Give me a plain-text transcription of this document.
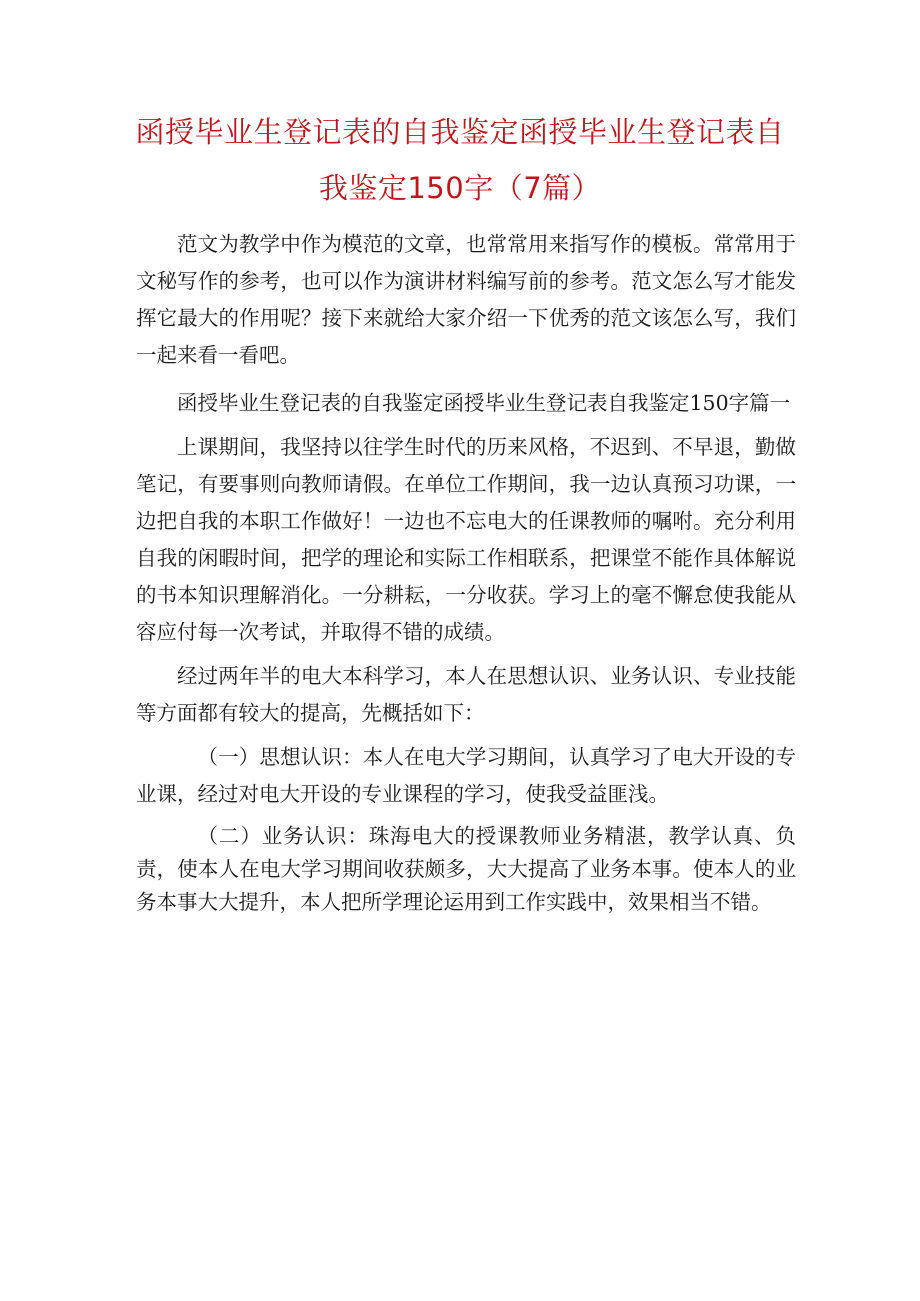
函授毕业生登记表的自我鉴定函授毕业生登记表自我鉴定150字（7篇）

范文为教学中作为模范的文章，也常常用来指写作的模板。常常用于文秘写作的参考，也可以作为演讲材料编写前的参考。范文怎么写才能发挥它最大的作用呢？接下来就给大家介绍一下优秀的范文该怎么写，我们一起来看一看吧。

函授毕业生登记表的自我鉴定函授毕业生登记表自我鉴定150字篇一

上课期间，我坚持以往学生时代的历来风格，不迟到、不早退，勤做笔记，有要事则向教师请假。在单位工作期间，我一边认真预习功课，一边把自我的本职工作做好！一边也不忘电大的任课教师的嘱咐。充分利用自我的闲暇时间，把学的理论和实际工作相联系，把课堂不能作具体解说的书本知识理解消化。一分耕耘，一分收获。学习上的毫不懈怠使我能从容应付每一次考试，并取得不错的成绩。

经过两年半的电大本科学习，本人在思想认识、业务认识、专业技能等方面都有较大的提高，先概括如下：

（一）思想认识：本人在电大学习期间，认真学习了电大开设的专业课，经过对电大开设的专业课程的学习，使我受益匪浅。

（二）业务认识：珠海电大的授课教师业务精湛，教学认真、负责，使本人在电大学习期间收获颇多，大大提高了业务本事。使本人的业务本事大大提升，本人把所学理论运用到工作实践中，效果相当不错。
